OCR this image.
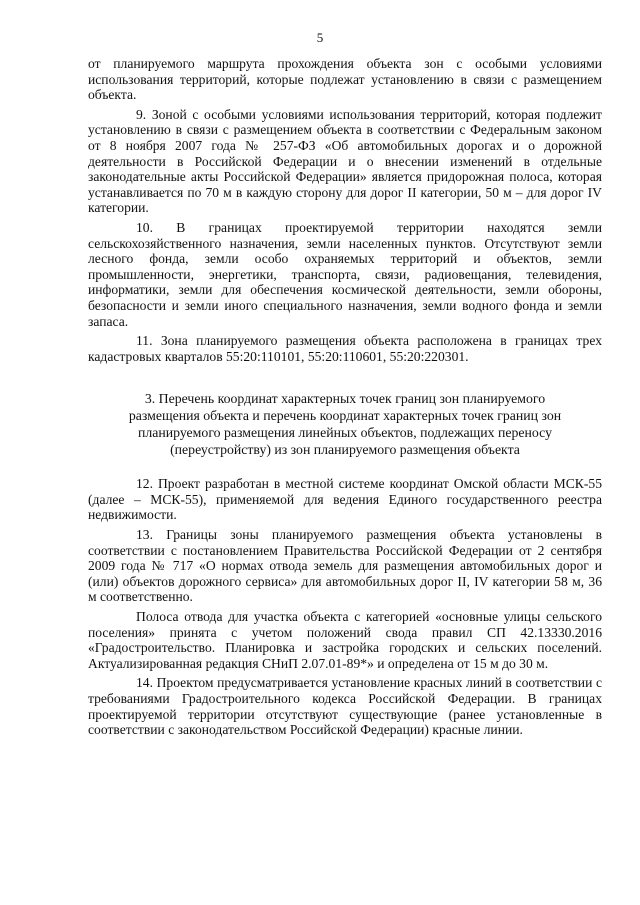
5

от планируемого маршрута прохождения объекта зон с особыми условиями использования территорий, которые подлежат установлению в связи с размещением объекта.

9. Зоной с особыми условиями использования территорий, которая подлежит установлению в связи с размещением объекта в соответствии с Федеральным законом от 8 ноября 2007 года № 257-ФЗ «Об автомобильных дорогах и о дорожной деятельности в Российской Федерации и о внесении изменений в отдельные законодательные акты Российской Федерации» является придорожная полоса, которая устанавливается по 70 м в каждую сторону для дорог II категории, 50 м – для дорог IV категории.

10. В границах проектируемой территории находятся земли сельскохозяйственного назначения, земли населенных пунктов. Отсутствуют земли лесного фонда, земли особо охраняемых территорий и объектов, земли промышленности, энергетики, транспорта, связи, радиовещания, телевидения, информатики, земли для обеспечения космической деятельности, земли обороны, безопасности и земли иного специального назначения, земли водного фонда и земли запаса.

11. Зона планируемого размещения объекта расположена в границах трех кадастровых кварталов 55:20:110101, 55:20:110601, 55:20:220301.

3. Перечень координат характерных точек границ зон планируемого размещения объекта и перечень координат характерных точек границ зон планируемого размещения линейных объектов, подлежащих переносу (переустройству) из зон планируемого размещения объекта

12. Проект разработан в местной системе координат Омской области МСК-55 (далее – МСК-55), применяемой для ведения Единого государственного реестра недвижимости.

13. Границы зоны планируемого размещения объекта установлены в соответствии с постановлением Правительства Российской Федерации от 2 сентября 2009 года № 717 «О нормах отвода земель для размещения автомобильных дорог и (или) объектов дорожного сервиса» для автомобильных дорог II, IV категории 58 м, 36 м соответственно.

Полоса отвода для участка объекта с категорией «основные улицы сельского поселения» принята с учетом положений свода правил СП 42.13330.2016 «Градостроительство. Планировка и застройка городских и сельских поселений. Актуализированная редакция СНиП 2.07.01-89*» и определена от 15 м до 30 м.

14. Проектом предусматривается установление красных линий в соответствии с требованиями Градостроительного кодекса Российской Федерации. В границах проектируемой территории отсутствуют существующие (ранее установленные в соответствии с законодательством Российской Федерации) красные линии.
